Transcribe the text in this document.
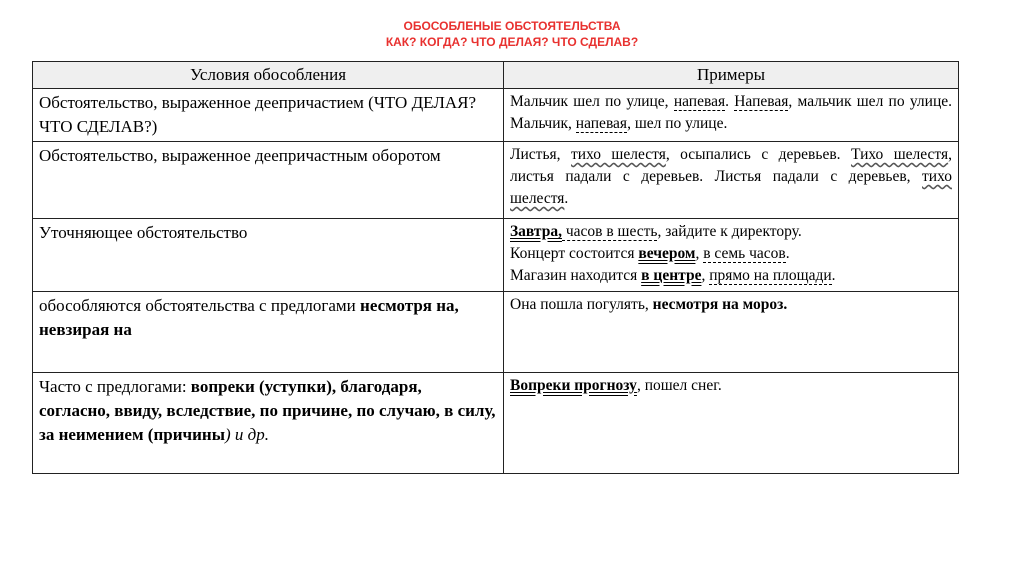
ОБОСОБЛЕНЫЕ ОБСТОЯТЕЛЬСТВА
КАК? КОГДА? ЧТО ДЕЛАЯ? ЧТО СДЕЛАВ?
Условия обособления	Примеры
Обстоятельство, выраженное деепричастием (ЧТО ДЕЛАЯ? ЧТО СДЕЛАВ?)	Мальчик шел по улице, напевая. Напевая, мальчик шел по улице. Мальчик, напевая, шел по улице.
Обстоятельство, выраженное деепричастным оборотом	Листья, тихо шелестя, осыпались с деревьев. Тихо шелестя, листья падали с деревьев. Листья падали с деревьев, тихо шелестя.
Уточняющее обстоятельство	Завтра, часов в шесть, зайдите к директору.
Концерт состоится вечером, в семь часов.
Магазин находится в центре, прямо на площади.

обособляются обстоятельства с предлогами несмотря на, невзирая на	Она пошла погулять, несмотря на мороз.
Часто с предлогами: вопреки (уступки), благодаря, согласно, ввиду, вследствие, по причине, по случаю, в силу, за неимением (причины) и др.	Вопреки прогнозу, пошел снег.
